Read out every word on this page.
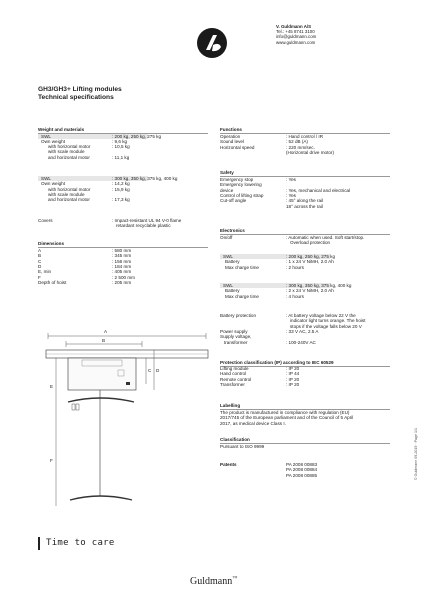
V. Guldmann A/S
Tel.: +45 8741 3100
info@guldmann.com
www.guldmann.com
GH3/GH3+ Lifting modules
Technical specifications
Weight and materials
SWL	: 200 kg, 250 kg, 275 kg
Own weight	: 9,6 kg
with horizontal motor	: 10,5 kg
with scale module
and horizontal motor	: 11,1 kg
SWL	: 300 kg, 350 kg, 375 kg, 400 kg
Own weight	: 14,2 kg
with horizontal motor	: 15,9 kg
with scale module
and horizontal motor	: 17,3 kg
Covers	: Impact-resistant UL 94 V-0 flame
retardant recyclable plastic
Dimensions
A	: 580 mm
B	: 345 mm
C	: 156 mm
D	: 184 mm
E, min	: 405 mm
F	: 2 500 mm
Depth of hoist	: 205 mm
A
B
C D
E
F
Functions
Operation	: Hand control / IR
Sound level	: 52 dB (A)
Horizontal speed	: 220 mm/sec.
(Horizontal drive motor)
Safety
Emergency stop	: Yes
Emergency lowering
device	: Yes, mechanical and electrical
Control of lifting strap	: Yes
Cut-off angle	: 45° along the rail
18° across the rail
Electronics
On/off	: Automatic when used. Soft start/stop.
Overload protection
SWL	: 200 kg, 250 kg, 275 kg
Battery	: 1 x 24 V NiMH, 2.0 Ah
Max charge time	: 2 hours
SWL	: 300 kg, 350 kg, 375 kg, 400 kg
Battery	: 2 x 24 V NiMH, 2.0 Ah
Max charge time	: 4 hours
Battery protection	: At battery voltage below 22 V the
indicator light turns orange. The hoist
stops if the voltage falls below 20 V
Power supply	: 33 V AC, 2.5 A
Supply voltage,
transformer	: 100-240V AC
Protection classification (IP) according to IEC 60529
Lifting module	: IP 20
Hand control	: IP 44
Remote control	: IP 20
Transformer	: IP 20
Labelling
The product is manufactured in compliance with regulation (EU)
2017/745 of the European parliament and of the Council of 5 April
2017, as medical device Class I.
Classification
Pursuant to ISO 9999
Patents	PA 2008 00883
PA 2008 00884
PA 2008 00885
Time to care
Guldmann™
© Guldmann 09-2019 · Page 1/1
